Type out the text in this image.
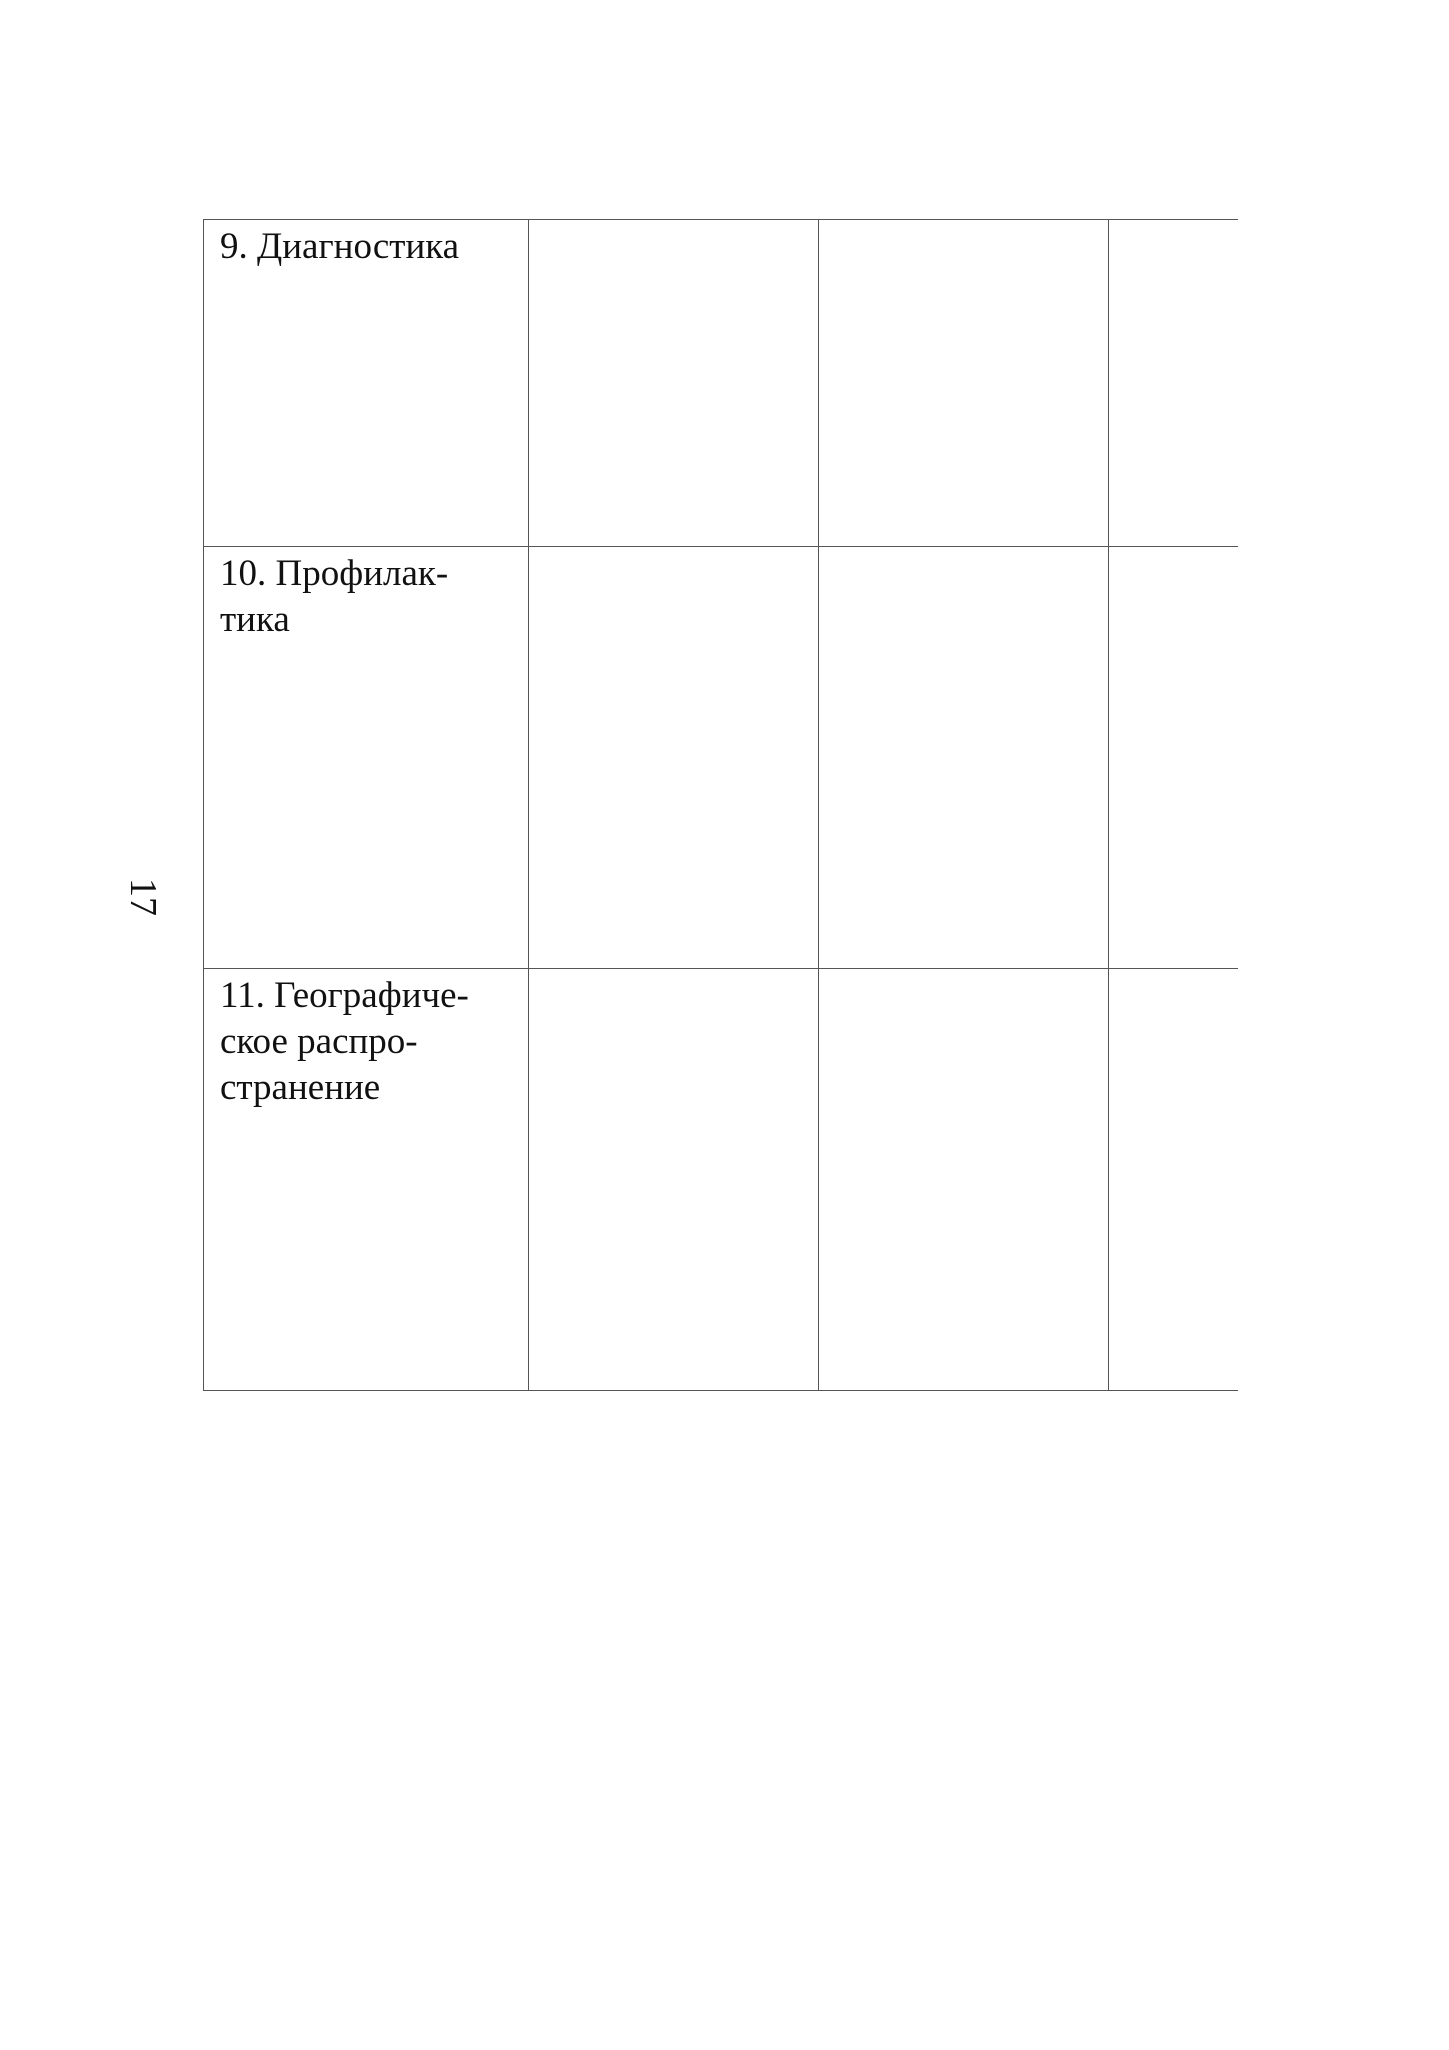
17
9. Диагностика			

10. Профилак-
тика			

11. Географиче-
ское распро-
странение			
